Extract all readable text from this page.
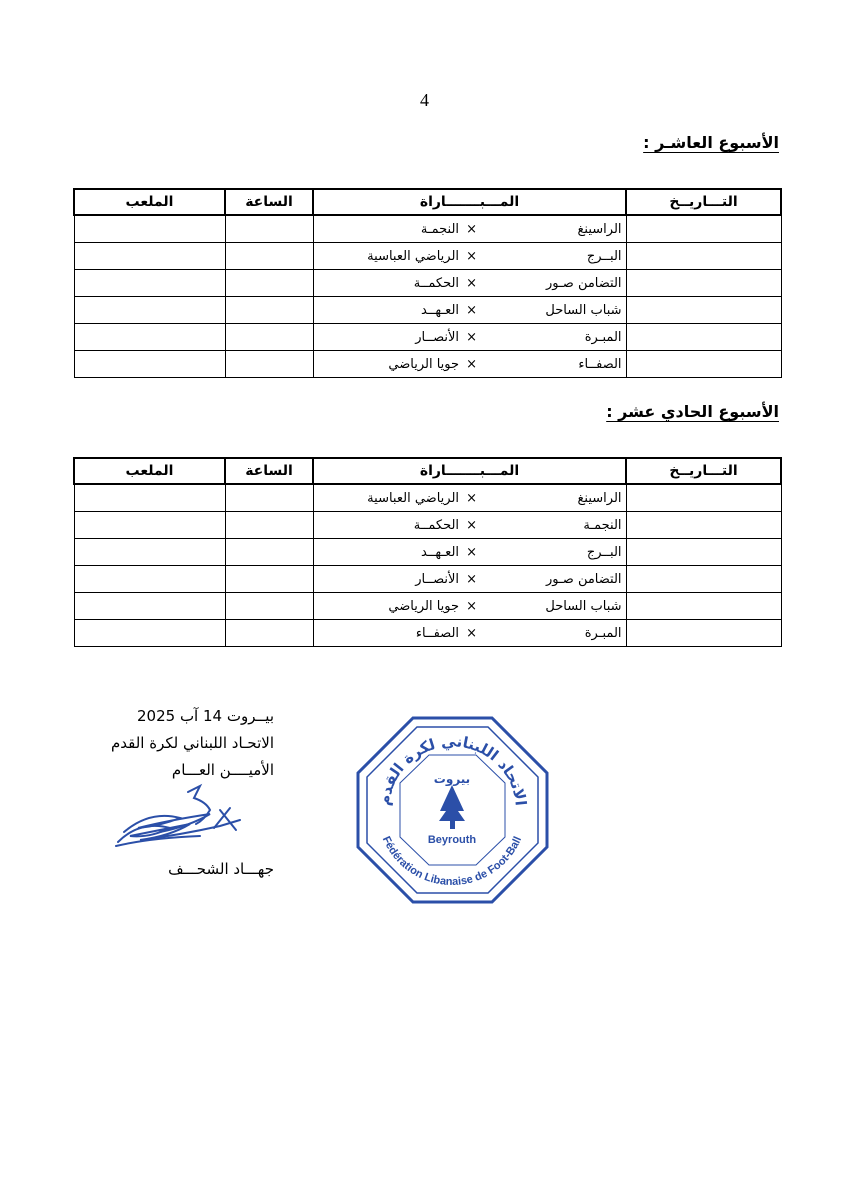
4
الأسبوع العاشـر :
التـــاريــخ	المـــبـــــــاراة			الساعة	الملعب
	الراسينغ	×	النجمـة		
	البــرج	×	الرياضي العباسية		
	التضامن صـور	×	الحكمــة		
	شباب الساحل	×	العـهــد		
	المبـرة	×	الأنصــار		
	الصفــاء	×	جويا الرياضي		
الأسبوع الحادي عشر :
التـــاريــخ	المـــبـــــــاراة			الساعة	الملعب
	الراسينغ	×	الرياضي العباسية		
	النجمـة	×	الحكمــة		
	البــرج	×	العـهــد		
	التضامن صـور	×	الأنصــار		
	شباب الساحل	×	جويا الرياضي		
	المبـرة	×	الصفــاء		
بيــروت 14 آب 2025
الاتحـاد اللبناني لكرة القدم
الأميــــن العـــام
جهـــاد الشحـــف
الاتحاد اللبناني لكرة القدم
بيروت
Beyrouth
Fédération Libanaise de Foot-Ball
